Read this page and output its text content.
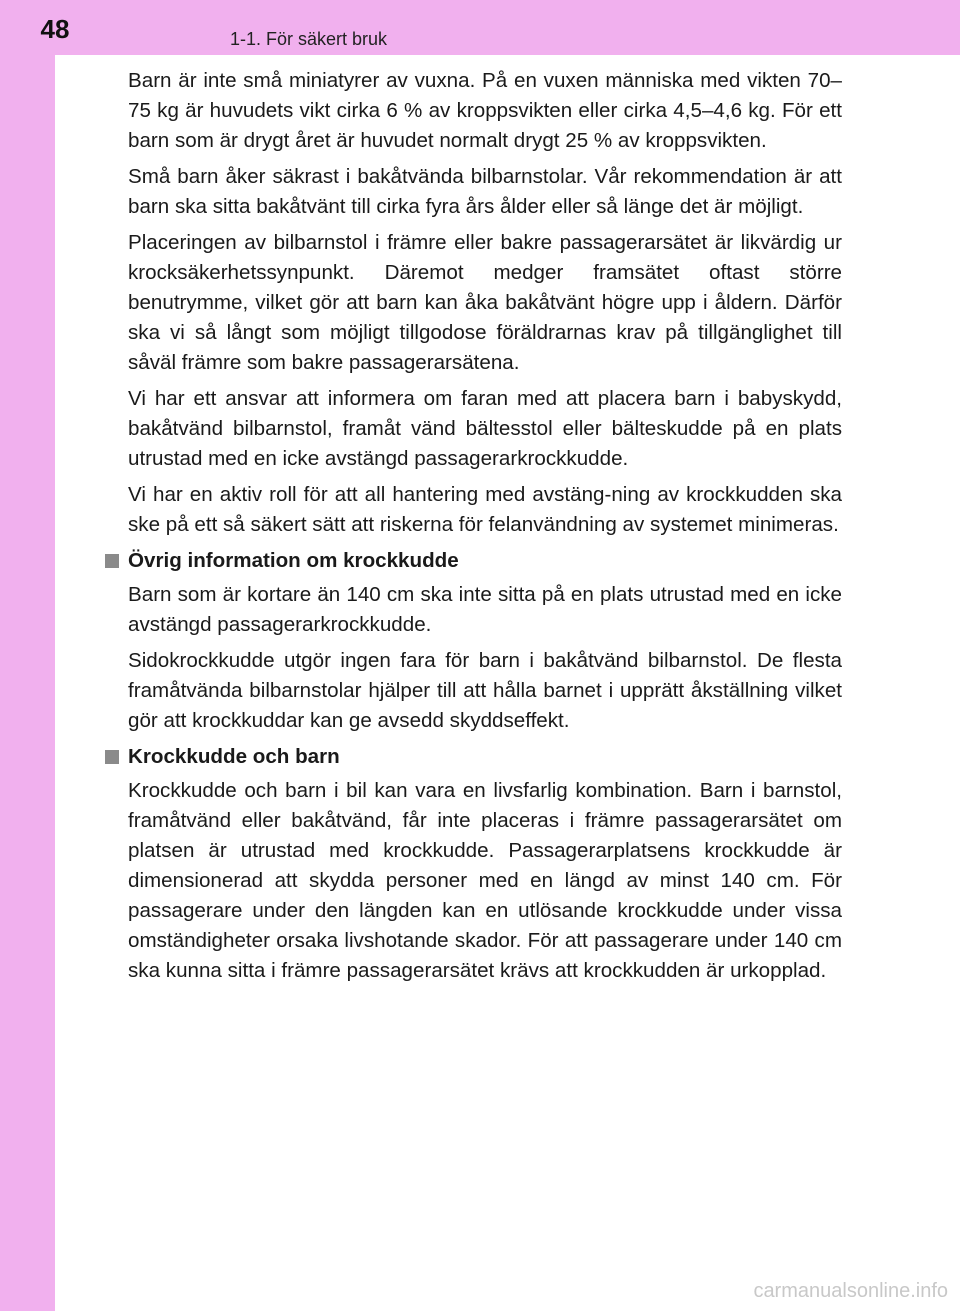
1-1. För säkert bruk
48

Barn är inte små miniatyrer av vuxna. På en vuxen människa med vikten 70–75 kg är huvudets vikt cirka 6 % av kroppsvikten eller cirka 4,5–4,6 kg. För ett barn som är drygt året är huvudet normalt drygt 25 % av kroppsvikten.

Små barn åker säkrast i bakåtvända bilbarnstolar. Vår rekommendation är att barn ska sitta bakåtvänt till cirka fyra års ålder eller så länge det är möjligt.

Placeringen av bilbarnstol i främre eller bakre passagerarsätet är likvärdig ur krocksäkerhetssynpunkt. Däremot medger framsätet oftast större benutrymme, vilket gör att barn kan åka bakåtvänt högre upp i åldern. Därför ska vi så långt som möjligt tillgodose föräldrarnas krav på tillgänglighet till såväl främre som bakre passagerarsätena.

Vi har ett ansvar att informera om faran med att placera barn i babyskydd, bakåtvänd bilbarnstol, framåt vänd bältesstol eller bälteskudde på en plats utrustad med en icke avstängd passagerarkrockkudde.

Vi har en aktiv roll för att all hantering med avstäng-ning av krockkudden ska ske på ett så säkert sätt att riskerna för felanvändning av systemet minimeras.

Övrig information om krockkudde

Barn som är kortare än 140 cm ska inte sitta på en plats utrustad med en icke avstängd passagerarkrockkudde.

Sidokrockkudde utgör ingen fara för barn i bakåtvänd bilbarnstol. De flesta framåtvända bilbarnstolar hjälper till att hålla barnet i upprätt åkställning vilket gör att krockkuddar kan ge avsedd skyddseffekt.

Krockkudde och barn

Krockkudde och barn i bil kan vara en livsfarlig kombination. Barn i barnstol, framåtvänd eller bakåtvänd, får inte placeras i främre passagerarsätet om platsen är utrustad med krockkudde. Passagerarplatsens krockkudde är dimensionerad att skydda personer med en längd av minst 140 cm. För passagerare under den längden kan en utlösande krockkudde under vissa omständigheter orsaka livshotande skador. För att passagerare under 140 cm ska kunna sitta i främre passagerarsätet krävs att krockkudden är urkopplad.

carmanualsonline.info
